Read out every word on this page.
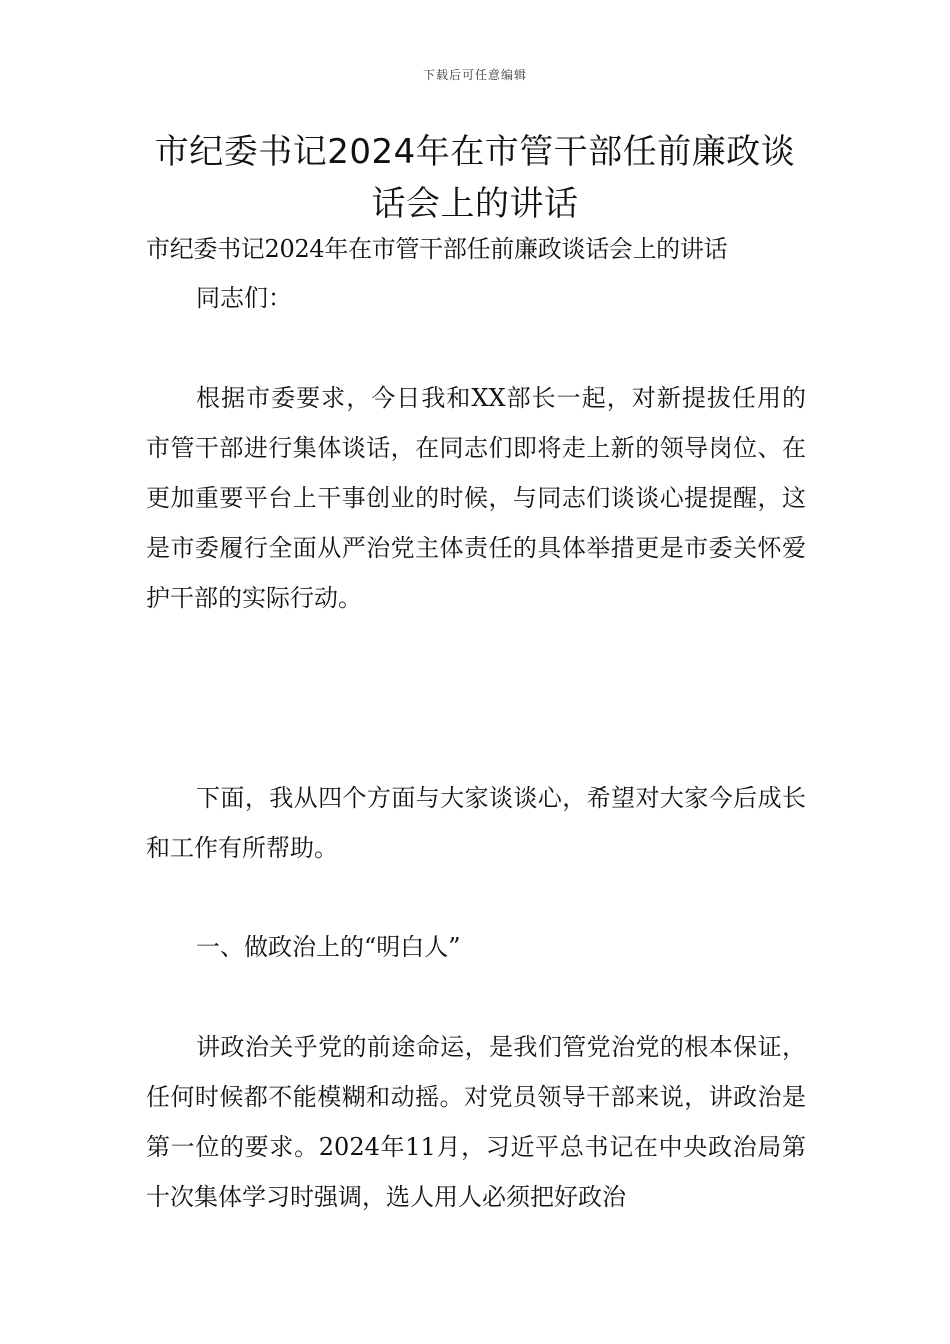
下载后可任意编辑
市纪委书记2024年在市管干部任前廉政谈话会上的讲话

市纪委书记2024年在市管干部任前廉政谈话会上的讲话

同志们：

根据市委要求，今日我和XX部长一起，对新提拔任用的市管干部进行集体谈话，在同志们即将走上新的领导岗位、在更加重要平台上干事创业的时候，与同志们谈谈心提提醒，这是市委履行全面从严治党主体责任的具体举措更是市委关怀爱护干部的实际行动。

下面，我从四个方面与大家谈谈心，希望对大家今后成长和工作有所帮助。

一、做政治上的“明白人”

讲政治关乎党的前途命运，是我们管党治党的根本保证，任何时候都不能模糊和动摇。对党员领导干部来说，讲政治是第一位的要求。2024年11月，习近平总书记在中央政治局第十次集体学习时强调，选人用人必须把好政治
